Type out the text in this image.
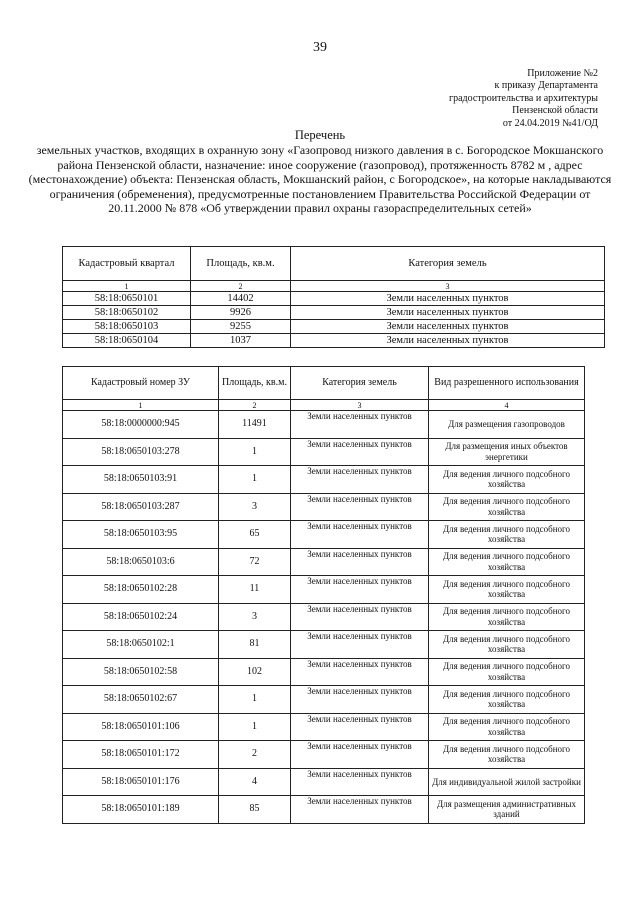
39
Приложение №2
к приказу Департамента
градостроительства и архитектуры
Пензенской области
от 24.04.2019 №41/ОД
Перечень
земельных участков, входящих в охранную зону «Газопровод низкого давления в с. Богородское Мокшанского района Пензенской области, назначение: иное сооружение (газопровод), протяженность 8782 м , адрес (местонахождение) объекта: Пензенская область, Мокшанский район, с Богородское», на которые накладываются ограничения (обременения), предусмотренные постановлением Правительства Российской Федерации от 20.11.2000 № 878 «Об утверждении правил охраны газораспределительных сетей»
Кадастровый квартал	Площадь, кв.м.	Категория земель
1	2	3
58:18:0650101	14402	Земли населенных пунктов
58:18:0650102	9926	Земли населенных пунктов
58:18:0650103	9255	Земли населенных пунктов
58:18:0650104	1037	Земли населенных пунктов
Кадастровый номер ЗУ	Площадь, кв.м.	Категория земель	Вид разрешенного использования
1	2	3	4
58:18:0000000:945	11491	Земли населенных пунктов	Для размещения газопроводов
58:18:0650103:278	1	Земли населенных пунктов	Для размещения иных объектов энергетики
58:18:0650103:91	1	Земли населенных пунктов	Для ведения личного подсобного хозяйства
58:18:0650103:287	3	Земли населенных пунктов	Для ведения личного подсобного хозяйства
58:18:0650103:95	65	Земли населенных пунктов	Для ведения личного подсобного хозяйства
58:18:0650103:6	72	Земли населенных пунктов	Для ведения личного подсобного хозяйства
58:18:0650102:28	11	Земли населенных пунктов	Для ведения личного подсобного хозяйства
58:18:0650102:24	3	Земли населенных пунктов	Для ведения личного подсобного хозяйства
58:18:0650102:1	81	Земли населенных пунктов	Для ведения личного подсобного хозяйства
58:18:0650102:58	102	Земли населенных пунктов	Для ведения личного подсобного хозяйства
58:18:0650102:67	1	Земли населенных пунктов	Для ведения личного подсобного хозяйства
58:18:0650101:106	1	Земли населенных пунктов	Для ведения личного подсобного хозяйства
58:18:0650101:172	2	Земли населенных пунктов	Для ведения личного подсобного хозяйства
58:18:0650101:176	4	Земли населенных пунктов	Для индивидуальной жилой застройки
58:18:0650101:189	85	Земли населенных пунктов	Для размещения административных зданий
